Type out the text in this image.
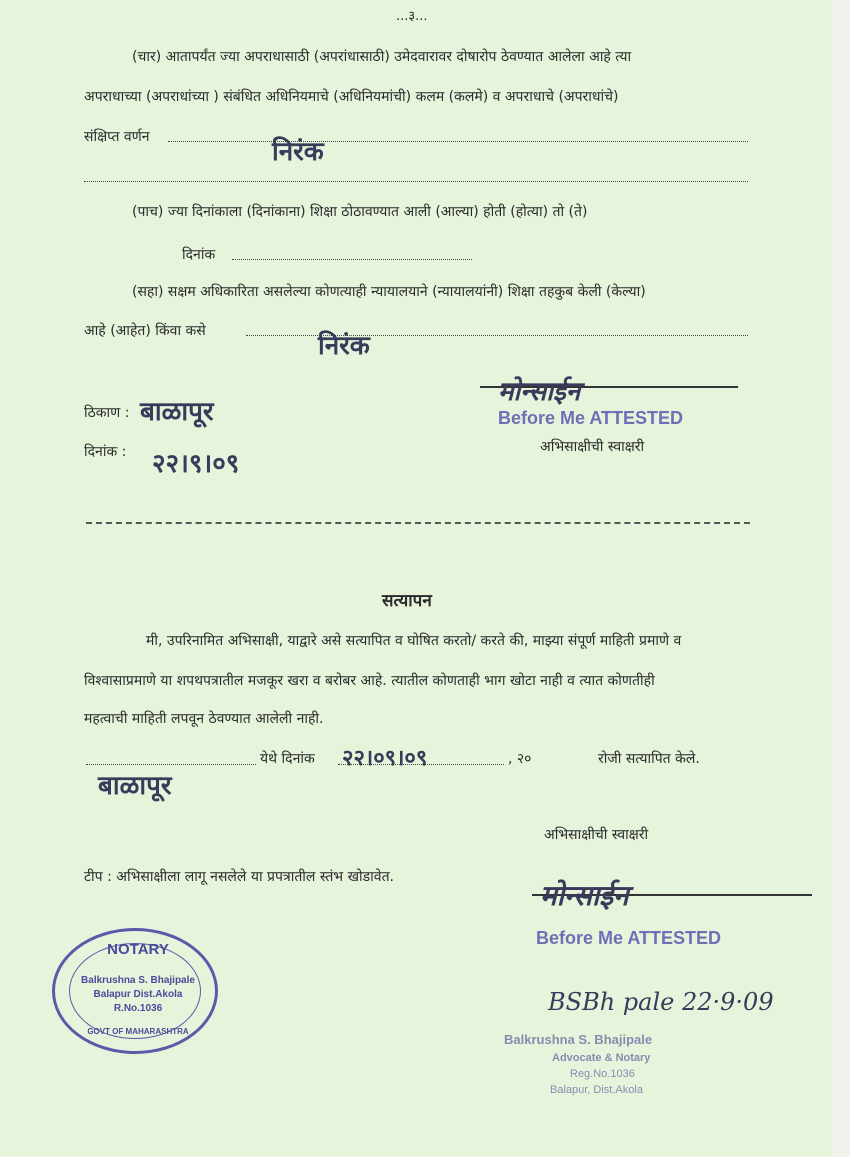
...३...
(चार) आतापर्यंत ज्या अपराधासाठी (अपरांधासाठी) उमेदवारावर दोषारोप ठेवण्यात आलेला आहे त्या
अपराधाच्या (अपराधांच्या ) संबंधित अधिनियमाचे (अधिनियमांची) कलम (कलमे) व अपराधाचे (अपराधांचे)
संक्षिप्त वर्णन	निरंक
(पाच) ज्या दिनांकाला (दिनांकाना) शिक्षा ठोठावण्यात आली (आल्या) होती (होत्या) तो (ते)
दिनांक
(सहा) सक्षम अधिकारिता असलेल्या कोणत्याही न्यायालयाने (न्यायालयांनी) शिक्षा तहकुब केली (केल्या)
आहे (आहेत) किंवा कसे	निरंक
ठिकाण : बाळापूर
दिनांक : २२।९।०९
मोन्साईन
Before Me ATTESTED
अभिसाक्षीची स्वाक्षरी
सत्यापन
मी, उपरिनामित अभिसाक्षी, याद्वारे असे सत्यापित व घोषित करतो/ करते की, माझ्या संपूर्ण माहिती प्रमाणे व
विश्वासाप्रमाणे या शपथपत्रातील मजकूर खरा व बरोबर आहे. त्यातील कोणताही भाग खोटा नाही व त्यात कोणतीही
महत्वाची माहिती लपवून ठेवण्यात आलेली नाही.
बाळापूर
येथे दिनांक २२।०९।०९	, २०	रोजी सत्यापित केले.
अभिसाक्षीची स्वाक्षरी
टीप : अभिसाक्षीला लागू नसलेले या प्रपत्रातील स्तंभ खोडावेत.
मोन्साईन
Before Me ATTESTED
NOTARY
Balkrushna S. Bhajipale
Balapur Dist.Akola
R.No.1036
GOVT OF MAHARASHTRA
BSBh pale 22·9·09
Balkrushna S. Bhajipale
Advocate & Notary
Reg.No.1036
Balapur, Dist.Akola
